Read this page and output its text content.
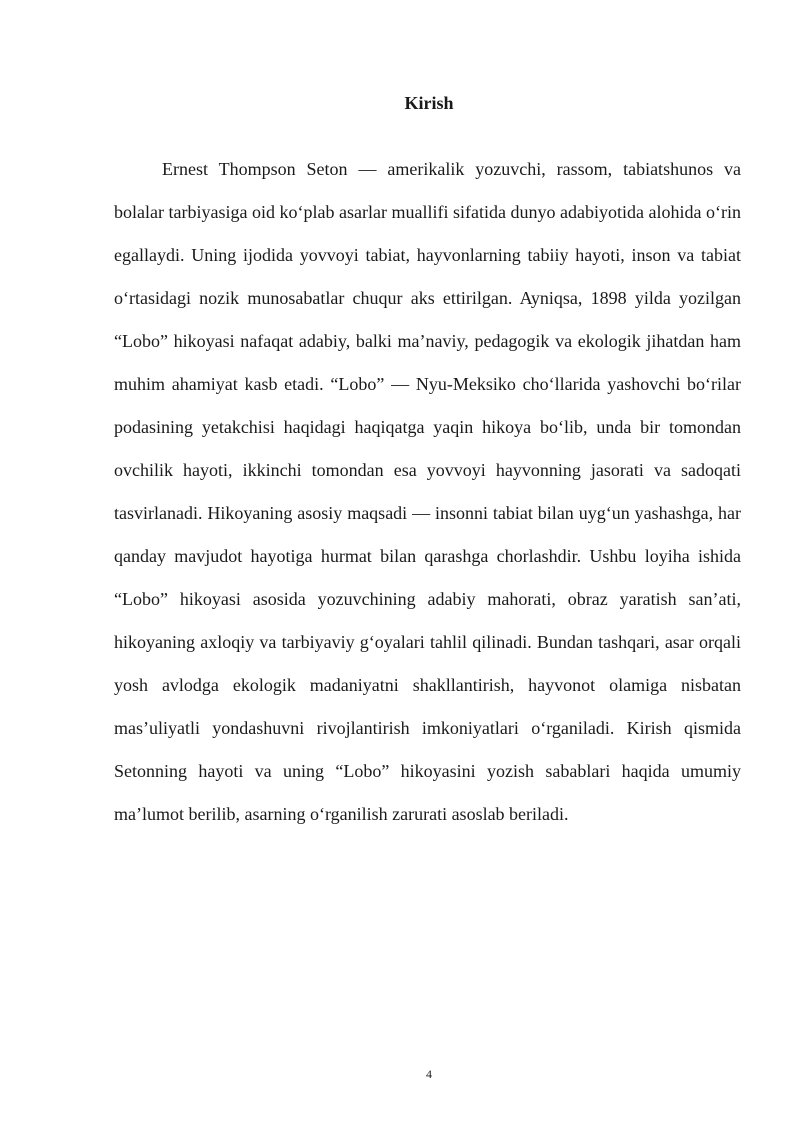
Kirish

Ernest Thompson Seton — amerikalik yozuvchi, rassom, tabiatshunos va bolalar tarbiyasiga oid ko‘plab asarlar muallifi sifatida dunyo adabiyotida alohida o‘rin egallaydi. Uning ijodida yovvoyi tabiat, hayvonlarning tabiiy hayoti, inson va tabiat o‘rtasidagi nozik munosabatlar chuqur aks ettirilgan. Ayniqsa, 1898 yilda yozilgan “Lobo” hikoyasi nafaqat adabiy, balki ma’naviy, pedagogik va ekologik jihatdan ham muhim ahamiyat kasb etadi. “Lobo” — Nyu-Meksiko cho‘llarida yashovchi bo‘rilar podasining yetakchisi haqidagi haqiqatga yaqin hikoya bo‘lib, unda bir tomondan ovchilik hayoti, ikkinchi tomondan esa yovvoyi hayvonning jasorati va sadoqati tasvirlanadi. Hikoyaning asosiy maqsadi — insonni tabiat bilan uyg‘un yashashga, har qanday mavjudot hayotiga hurmat bilan qarashga chorlashdir. Ushbu loyiha ishida “Lobo” hikoyasi asosida yozuvchining adabiy mahorati, obraz yaratish san’ati, hikoyaning axloqiy va tarbiyaviy g‘oyalari tahlil qilinadi. Bundan tashqari, asar orqali yosh avlodga ekologik madaniyatni shakllantirish, hayvonot olamiga nisbatan mas’uliyatli yondashuvni rivojlantirish imkoniyatlari o‘rganiladi. Kirish qismida Setonning hayoti va uning “Lobo” hikoyasini yozish sabablari haqida umumiy ma’lumot berilib, asarning o‘rganilish zarurati asoslab beriladi.

4
